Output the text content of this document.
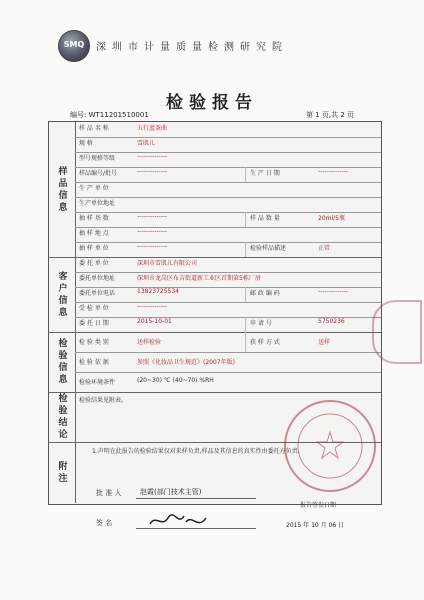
SMQ 深圳市计量质量检测研究院
检验报告
编号: WT11201510001	第 1 页,共 2 页
样品信息
客户信息
检验信息
检验结论
附注
样 品 名 称	五行蓝茶曲
规 格	雪肌儿
型号规格等级	--------------
样品编号/批号	--------------	生 产 日 期	--------------
生 产 单 位
生产单位地址
抽 样 基 数	--------------	样 品 数 量	20ml/5瓶
抽 样 地 点	--------------
抽 样 单 位	--------------	检验样品描述	正常
委 托 单 位	深圳市雪肌儿有限公司
委托单位地址	深圳市龙岗区布吉街道新工业区首期第5栋厂房
委托单位电话	13823725534	邮 政 编 码	--------------
受 检 单 位	--------------
委 托 日 期	2015-10-01	申 请 号	5750236
检 验 类 别	送样检验	获 样 方 式	送样
检 验 依 据	参照《化妆品卫生规范》(2007年版)
检验环境条件	(20~30) ℃ (40~70) %RH
检验结果见附表。
1.声明在此报告的检验结果仅对来样负责,样品及其信息的真实性由委托方负责。
批 准 人	赵霞(部门技术主管)
签 名
报告签发日期
2015 年 10 月 06 日
